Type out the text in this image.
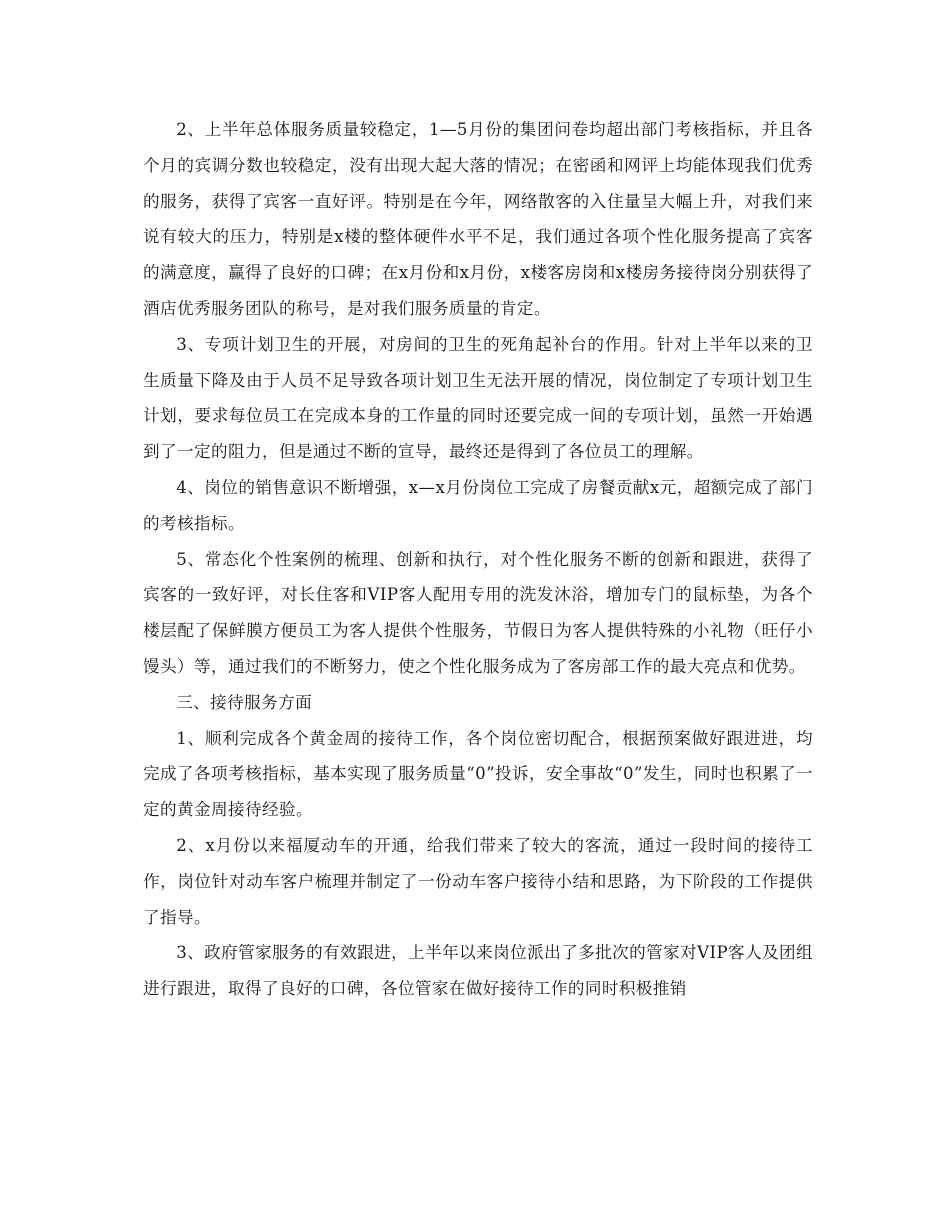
2、上半年总体服务质量较稳定，1—5月份的集团问卷均超出部门考核指标，并且各个月的宾调分数也较稳定，没有出现大起大落的情况；在密函和网评上均能体现我们优秀的服务，获得了宾客一直好评。特别是在今年，网络散客的入住量呈大幅上升，对我们来说有较大的压力，特别是x楼的整体硬件水平不足，我们通过各项个性化服务提高了宾客的满意度，赢得了良好的口碑；在x月份和x月份，x楼客房岗和x楼房务接待岗分别获得了酒店优秀服务团队的称号，是对我们服务质量的肯定。

3、专项计划卫生的开展，对房间的卫生的死角起补台的作用。针对上半年以来的卫生质量下降及由于人员不足导致各项计划卫生无法开展的情况，岗位制定了专项计划卫生计划，要求每位员工在完成本身的工作量的同时还要完成一间的专项计划，虽然一开始遇到了一定的阻力，但是通过不断的宣导，最终还是得到了各位员工的理解。

4、岗位的销售意识不断增强，x—x月份岗位工完成了房餐贡献x元，超额完成了部门的考核指标。

5、常态化个性案例的梳理、创新和执行，对个性化服务不断的创新和跟进，获得了宾客的一致好评，对长住客和VIP客人配用专用的洗发沐浴，增加专门的鼠标垫，为各个楼层配了保鲜膜方便员工为客人提供个性服务，节假日为客人提供特殊的小礼物（旺仔小馒头）等，通过我们的不断努力，使之个性化服务成为了客房部工作的最大亮点和优势。

三、接待服务方面

1、顺利完成各个黄金周的接待工作，各个岗位密切配合，根据预案做好跟进进，均完成了各项考核指标，基本实现了服务质量“0”投诉，安全事故“0”发生，同时也积累了一定的黄金周接待经验。

2、x月份以来福厦动车的开通，给我们带来了较大的客流，通过一段时间的接待工作，岗位针对动车客户梳理并制定了一份动车客户接待小结和思路，为下阶段的工作提供了指导。

3、政府管家服务的有效跟进，上半年以来岗位派出了多批次的管家对VIP客人及团组进行跟进，取得了良好的口碑，各位管家在做好接待工作的同时积极推销
